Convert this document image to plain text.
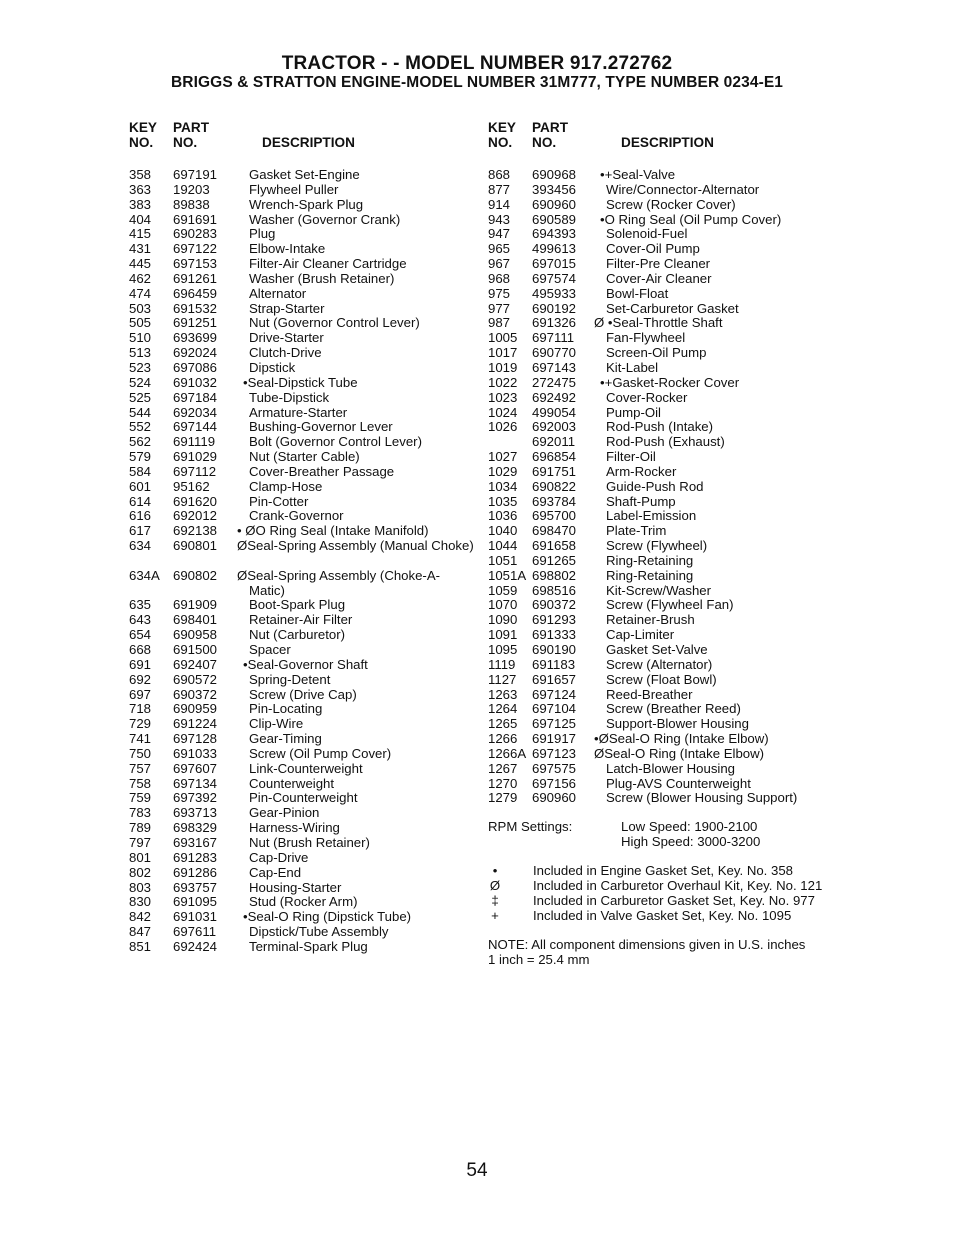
TRACTOR - - MODEL NUMBER 917.272762
BRIGGS & STRATTON ENGINE-MODEL NUMBER 31M777, TYPE NUMBER 0234-E1
KEY
NO.
PART
NO.	DESCRIPTION
358 697191 Gasket Set-Engine
363 19203	Flywheel Puller
383 89838	Wrench-Spark Plug
404 691691 Washer (Governor Crank)
415 690283 Plug
431 697122 Elbow-Intake
445 697153 Filter-Air Cleaner Cartridge
462 691261 Washer (Brush Retainer)
474 696459 Alternator
503 691532 Strap-Starter
505 691251 Nut (Governor Control Lever)
510 693699 Drive-Starter
513 692024 Clutch-Drive
523 697086 Dipstick
524 691032 •Seal-Dipstick Tube
525 697184 Tube-Dipstick
544 692034 Armature-Starter
552 697144 Bushing-Governor Lever
562 691119	Bolt (Governor Control Lever)
579 691029 Nut (Starter Cable)
584 697112 Cover-Breather Passage
601 95162	Clamp-Hose
614 691620 Pin-Cotter
616 692012 Crank-Governor
617 692138 • ØO Ring Seal (Intake Manifold)
634 690801 ØSeal-Spring Assembly (Manual Choke)
634A 690802 ØSeal-Spring Assembly (Choke-A-Matic)
635 691909 Boot-Spark Plug
643 698401 Retainer-Air Filter
654 690958 Nut (Carburetor)
668 691500 Spacer
691 692407 •Seal-Governor Shaft
692 690572 Spring-Detent
697 690372 Screw (Drive Cap)
718 690959 Pin-Locating
729 691224 Clip-Wire
741 697128 Gear-Timing
750 691033 Screw (Oil Pump Cover)
757 697607 Link-Counterweight
758 697134 Counterweight
759 697392 Pin-Counterweight
783 693713 Gear-Pinion
789 698329 Harness-Wiring
797 693167 Nut (Brush Retainer)
801 691283 Cap-Drive
802 691286 Cap-End
803 693757 Housing-Starter
830 691095 Stud (Rocker Arm)
842 691031 •Seal-O Ring (Dipstick Tube)
847 697611 Dipstick/Tube Assembly
851 692424 Terminal-Spark Plug
KEY
NO.
PART
NO.	DESCRIPTION
868 690968 •+Seal-Valve
877 393456 Wire/Connector-Alternator
914 690960 Screw (Rocker Cover)
943 690589 •O Ring Seal (Oil Pump Cover)
947 694393 Solenoid-Fuel
965 499613 Cover-Oil Pump
967 697015 Filter-Pre Cleaner
968 697574 Cover-Air Cleaner
975 495933 Bowl-Float
977 690192 Set-Carburetor Gasket
987 691326 Ø •Seal-Throttle Shaft
1005 697111 Fan-Flywheel
1017 690770 Screen-Oil Pump
1019 697143 Kit-Label
1022 272475 •+Gasket-Rocker Cover
1023 692492 Cover-Rocker
1024 499054 Pump-Oil
1026 692003 Rod-Push (Intake)
692011 Rod-Push (Exhaust)
1027 696854 Filter-Oil
1029 691751 Arm-Rocker
1034 690822 Guide-Push Rod
1035 693784 Shaft-Pump
1036 695700 Label-Emission
1040 698470 Plate-Trim
1044 691658 Screw (Flywheel)
1051 691265 Ring-Retaining
1051A 698802 Ring-Retaining
1059 698516 Kit-Screw/Washer
1070 690372 Screw (Flywheel Fan)
1090 691293 Retainer-Brush
1091 691333 Cap-Limiter
1095 690190 Gasket Set-Valve
1119 691183 Screw (Alternator)
1127 691657 Screw (Float Bowl)
1263 697124 Reed-Breather
1264 697104 Screw (Breather Reed)
1265 697125 Support-Blower Housing
1266 691917 •ØSeal-O Ring (Intake Elbow)
1266A 697123 ØSeal-O Ring (Intake Elbow)
1267 697575 Latch-Blower Housing
1270 697156 Plug-AVS Counterweight
1279 690960 Screw (Blower Housing Support)
RPM Settings:	Low Speed: 1900-2100
High Speed: 3000-3200
•	Included in Engine Gasket Set, Key. No. 358
Ø Included in Carburetor Overhaul Kit, Key. No. 121
‡	Included in Carburetor Gasket Set, Key. No. 977
+	Included in Valve Gasket Set, Key. No. 1095
NOTE: All component dimensions given in U.S. inches
1 inch = 25.4 mm
54
